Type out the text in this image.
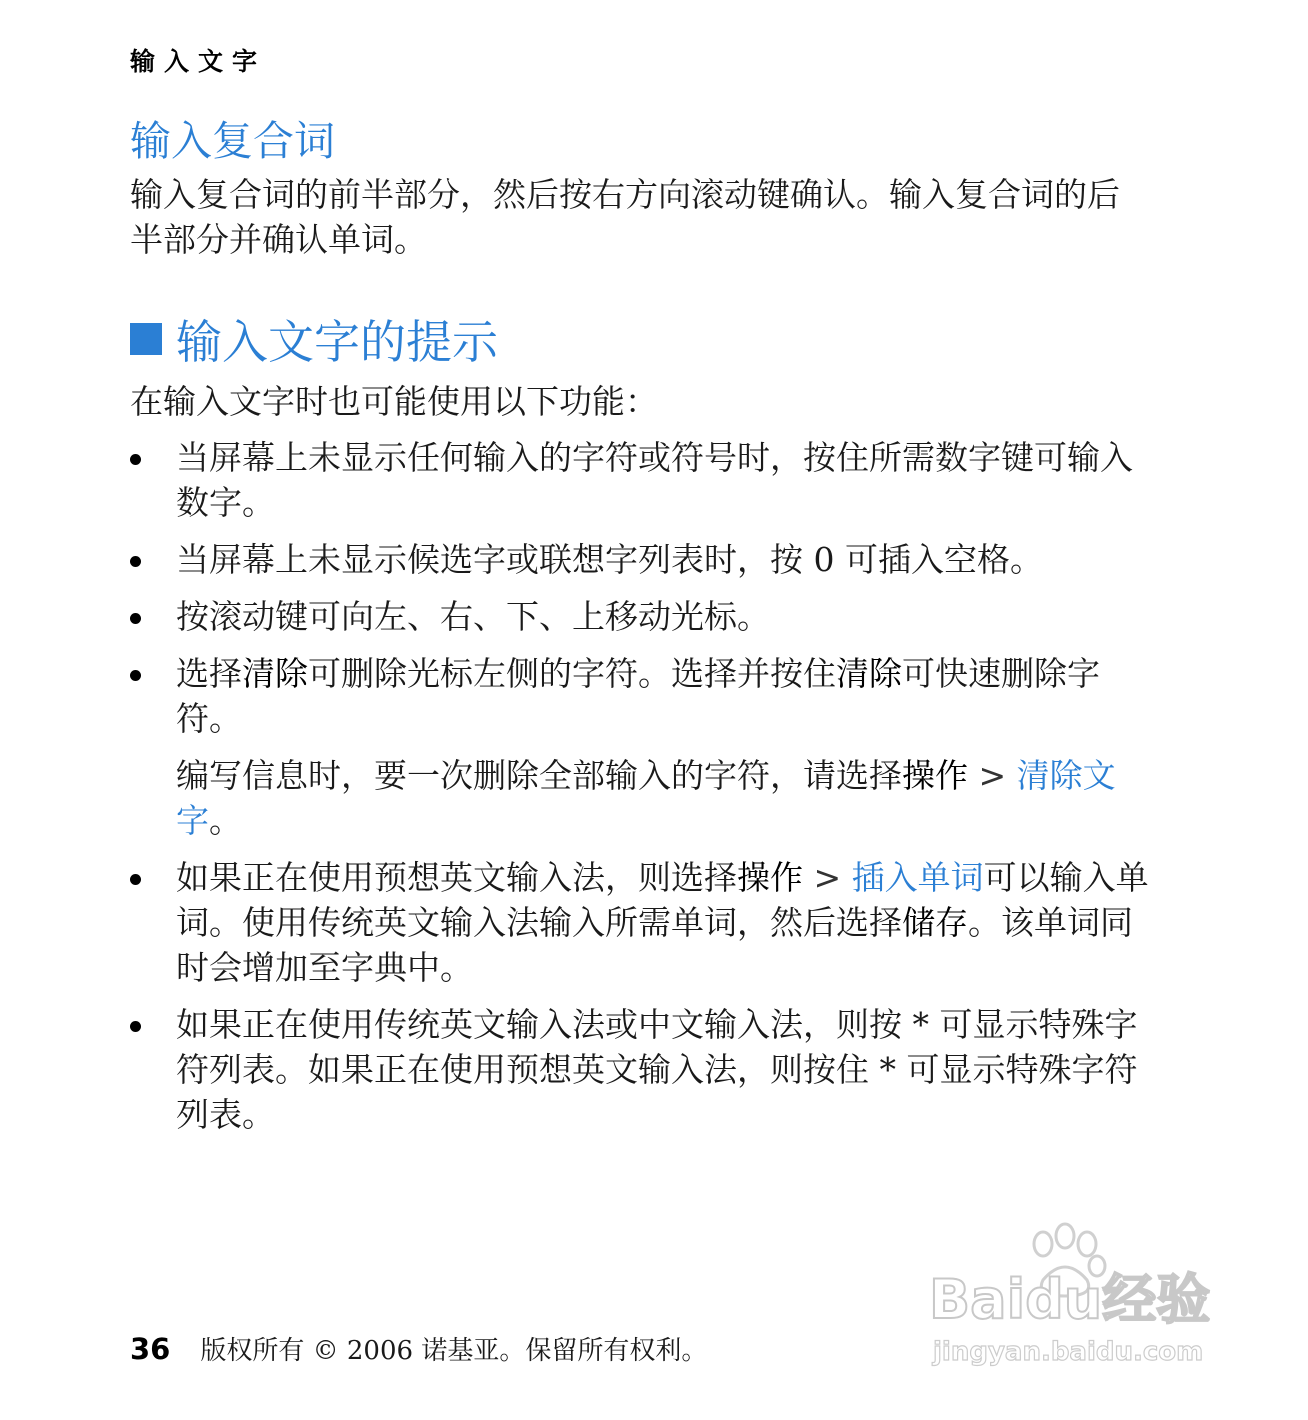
输入文字
输入复合词

输入复合词的前半部分，然后按右方向滚动键确认。输入复合词的后半部分并确认单词。

输入文字的提示

在输入文字时也可能使用以下功能：

当屏幕上未显示任何输入的字符或符号时，按住所需数字键可输入数字。
当屏幕上未显示候选字或联想字列表时，按 0 可插入空格。
按滚动键可向左、右、下、上移动光标。
选择清除可删除光标左侧的字符。选择并按住清除可快速删除字符。
编写信息时，要一次删除全部输入的字符，请选择操作 > 清除文字。
如果正在使用预想英文输入法，则选择操作 > 插入单词可以输入单词。使用传统英文输入法输入所需单词，然后选择储存。该单词同时会增加至字典中。
如果正在使用传统英文输入法或中文输入法，则按 * 可显示特殊字符列表。如果正在使用预想英文输入法，则按住 * 可显示特殊字符列表。
36 版权所有 © 2006 诺基亚。保留所有权利。
Baidu经验
jingyan.baidu.com
